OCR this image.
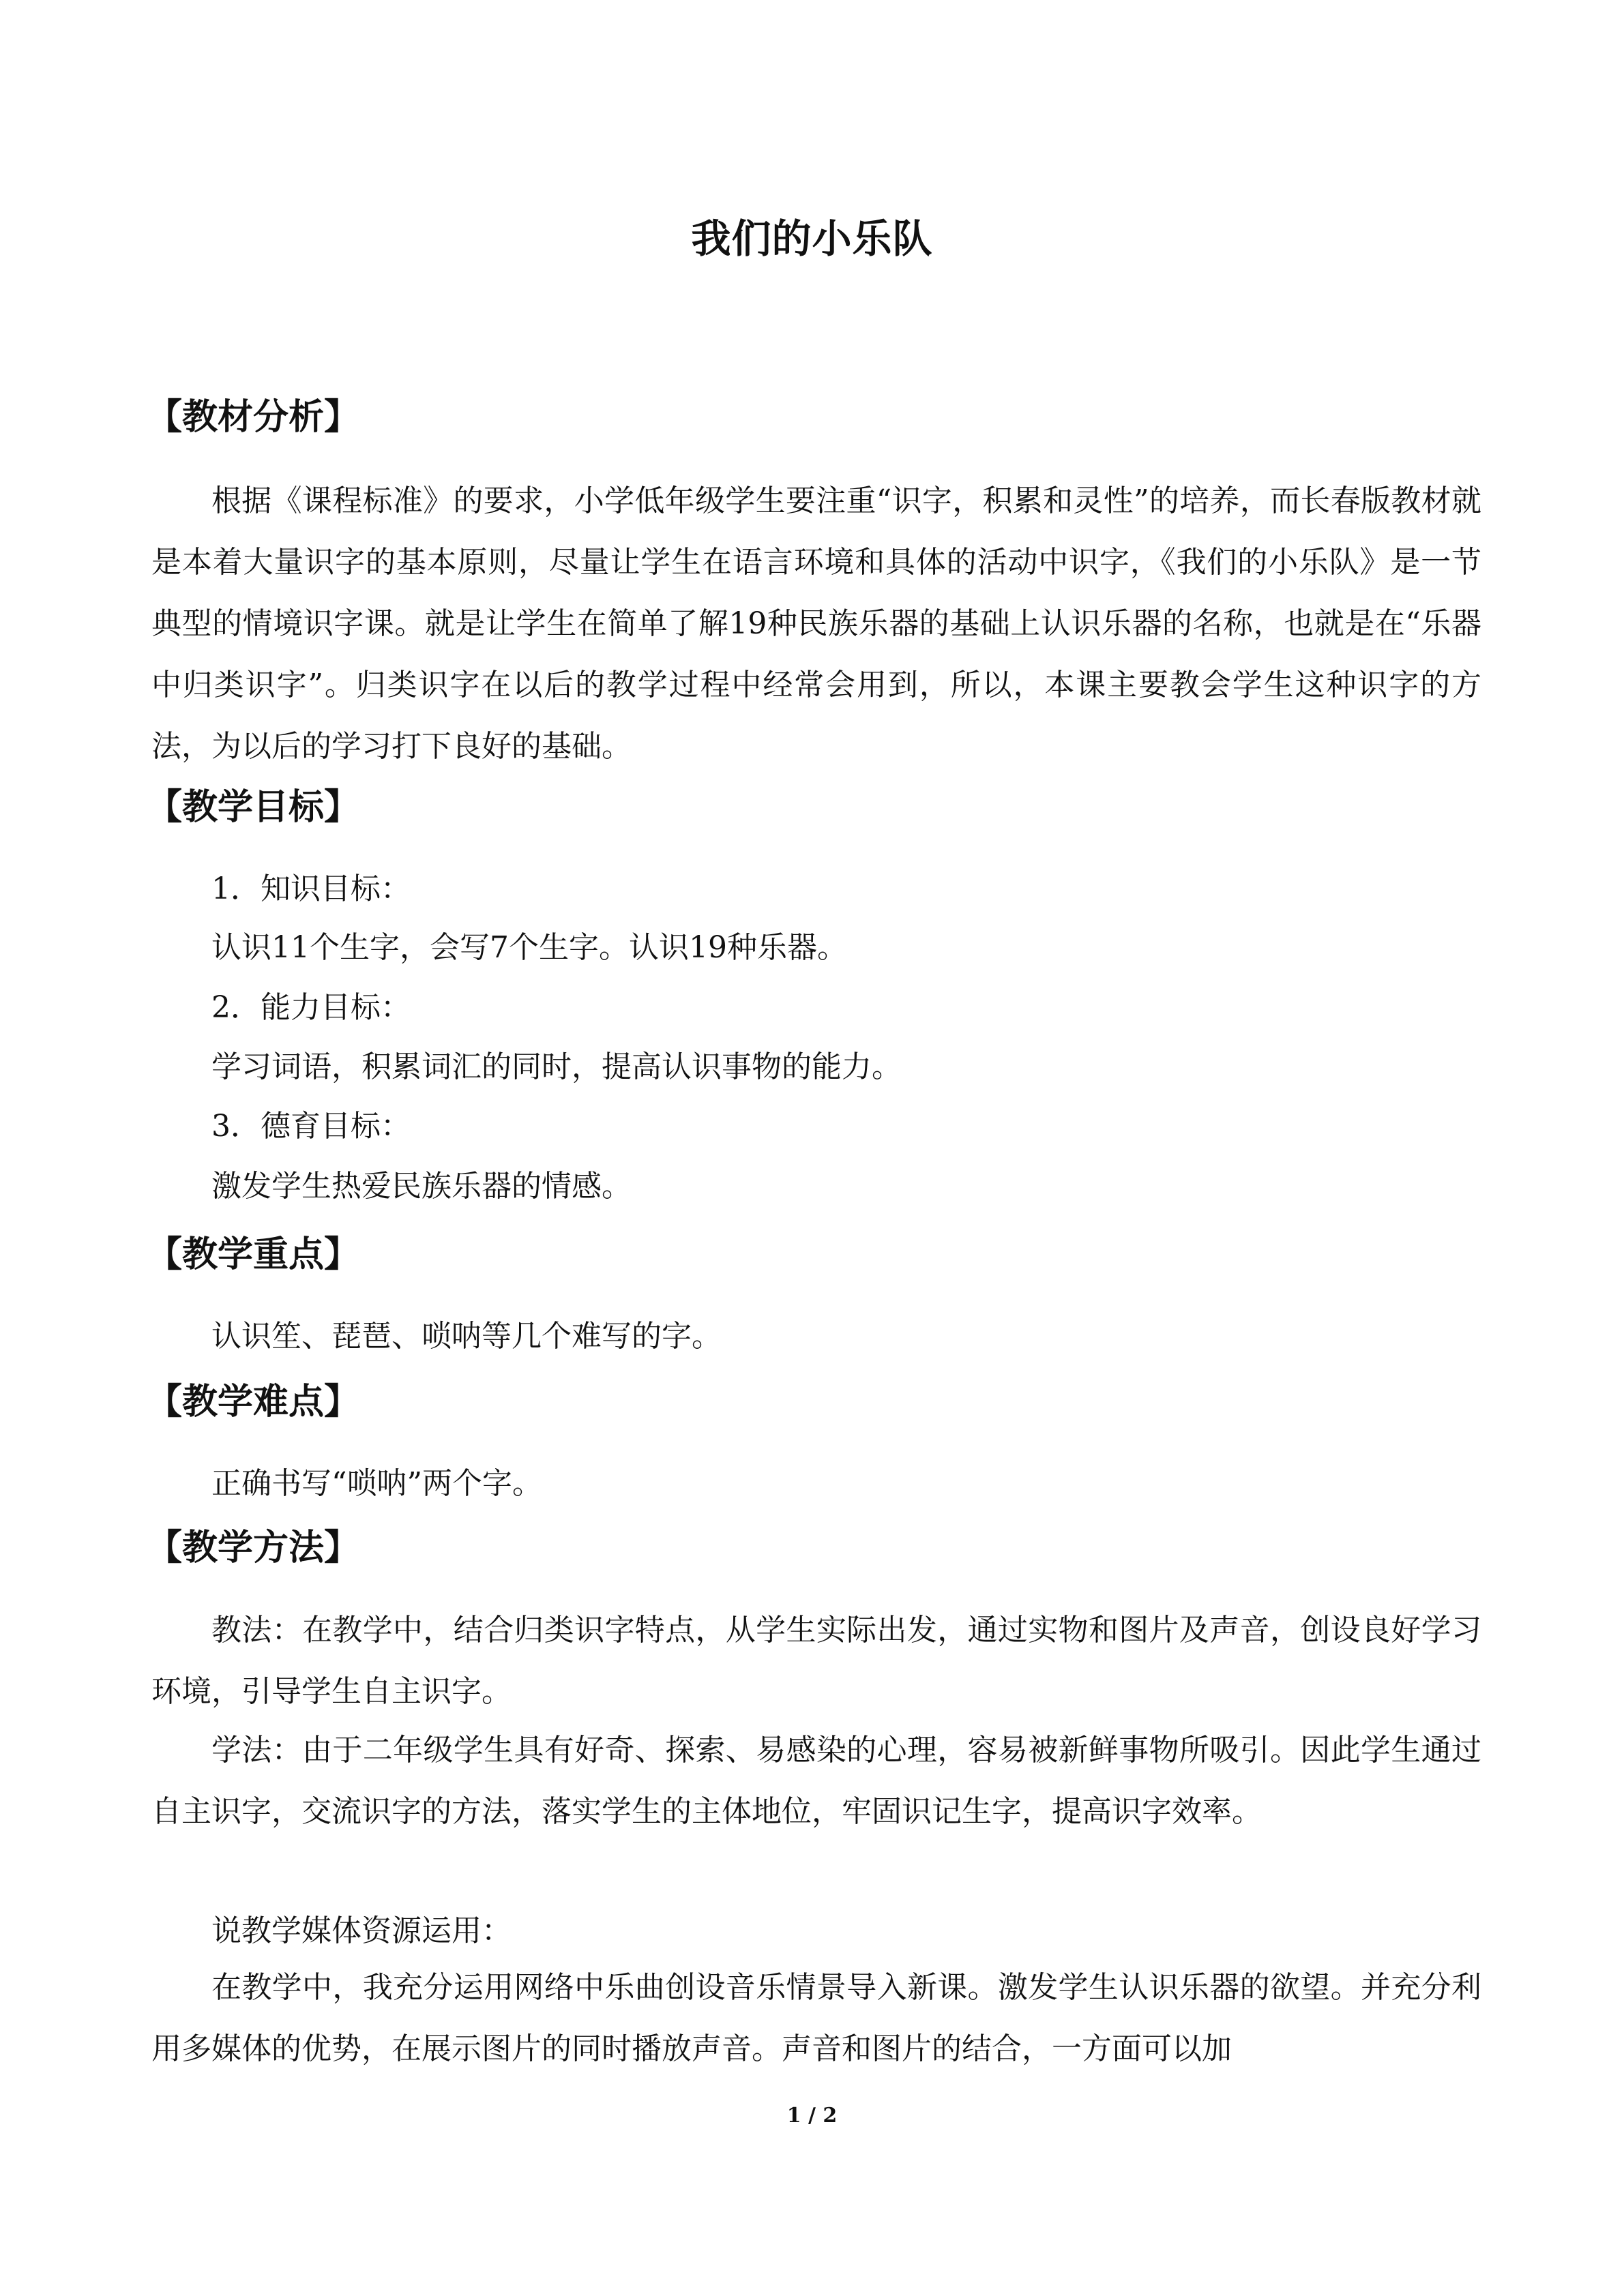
我们的小乐队
【教材分析】
根据《课程标准》的要求，小学低年级学生要注重“识字，积累和灵性”的培养，而长春版教材就是本着大量识字的基本原则，尽量让学生在语言环境和具体的活动中识字，《我们的小乐队》是一节典型的情境识字课。就是让学生在简单了解19种民族乐器的基础上认识乐器的名称，也就是在“乐器中归类识字”。归类识字在以后的教学过程中经常会用到，所以，本课主要教会学生这种识字的方法，为以后的学习打下良好的基础。
【教学目标】
1．知识目标：
认识11个生字，会写7个生字。认识19种乐器。
2．能力目标：
学习词语，积累词汇的同时，提高认识事物的能力。
3．德育目标：
激发学生热爱民族乐器的情感。
【教学重点】
认识笙、琵琶、唢呐等几个难写的字。
【教学难点】
正确书写“唢呐”两个字。
【教学方法】
教法：在教学中，结合归类识字特点，从学生实际出发，通过实物和图片及声音，创设良好学习环境，引导学生自主识字。
学法：由于二年级学生具有好奇、探索、易感染的心理，容易被新鲜事物所吸引。因此学生通过自主识字，交流识字的方法，落实学生的主体地位，牢固识记生字，提高识字效率。
说教学媒体资源运用：
在教学中，我充分运用网络中乐曲创设音乐情景导入新课。激发学生认识乐器的欲望。并充分利用多媒体的优势，在展示图片的同时播放声音。声音和图片的结合，一方面可以加
1 / 2
